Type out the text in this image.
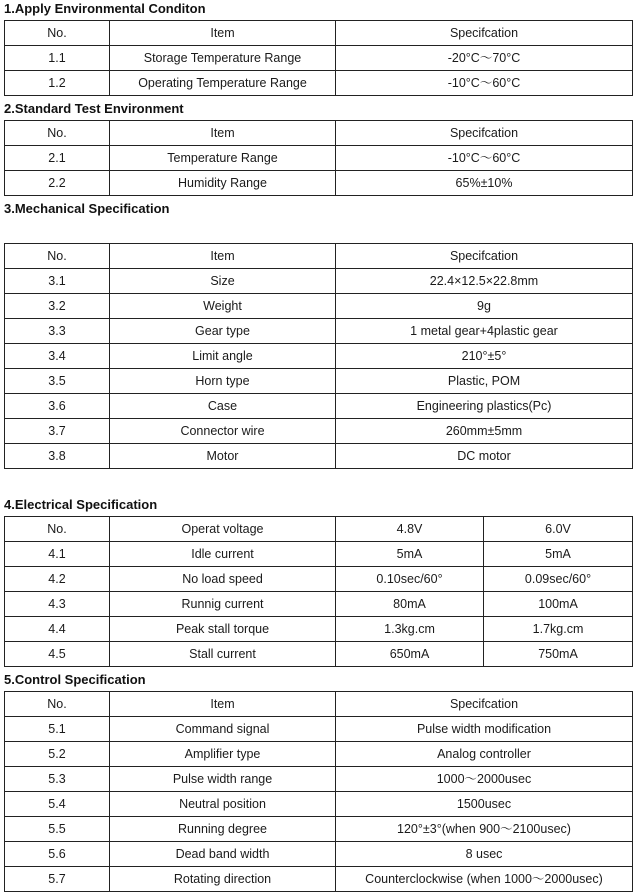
1.Apply Environmental Conditon
No.	Item	Specifcation
1.1	Storage Temperature Range	-20°C～70°C
1.2	Operating Temperature Range	-10°C～60°C
2.Standard Test Environment
No.	Item	Specifcation
2.1	Temperature Range	-10°C～60°C
2.2	Humidity Range	65%±10%
3.Mechanical Specification
No.	Item	Specifcation
3.1	Size	22.4×12.5×22.8mm
3.2	Weight	9g
3.3	Gear type	1 metal gear+4plastic gear
3.4	Limit angle	210°±5°
3.5	Horn type	Plastic, POM
3.6	Case	Engineering plastics(Pc)
3.7	Connector wire	260mm±5mm
3.8	Motor	DC motor
4.Electrical Specification
No.	Operat voltage	4.8V	6.0V
4.1	Idle current	5mA	5mA
4.2	No load speed	0.10sec/60°	0.09sec/60°
4.3	Runnig current	80mA	100mA
4.4	Peak stall torque	1.3kg.cm	1.7kg.cm
4.5	Stall current	650mA	750mA
5.Control Specification
No.	Item	Specifcation
5.1	Command signal	Pulse width modification
5.2	Amplifier type	Analog controller
5.3	Pulse width range	1000～2000usec
5.4	Neutral position	1500usec
5.5	Running degree	120°±3°(when 900～2100usec)
5.6	Dead band width	8 usec
5.7	Rotating direction	Counterclockwise (when 1000～2000usec)
